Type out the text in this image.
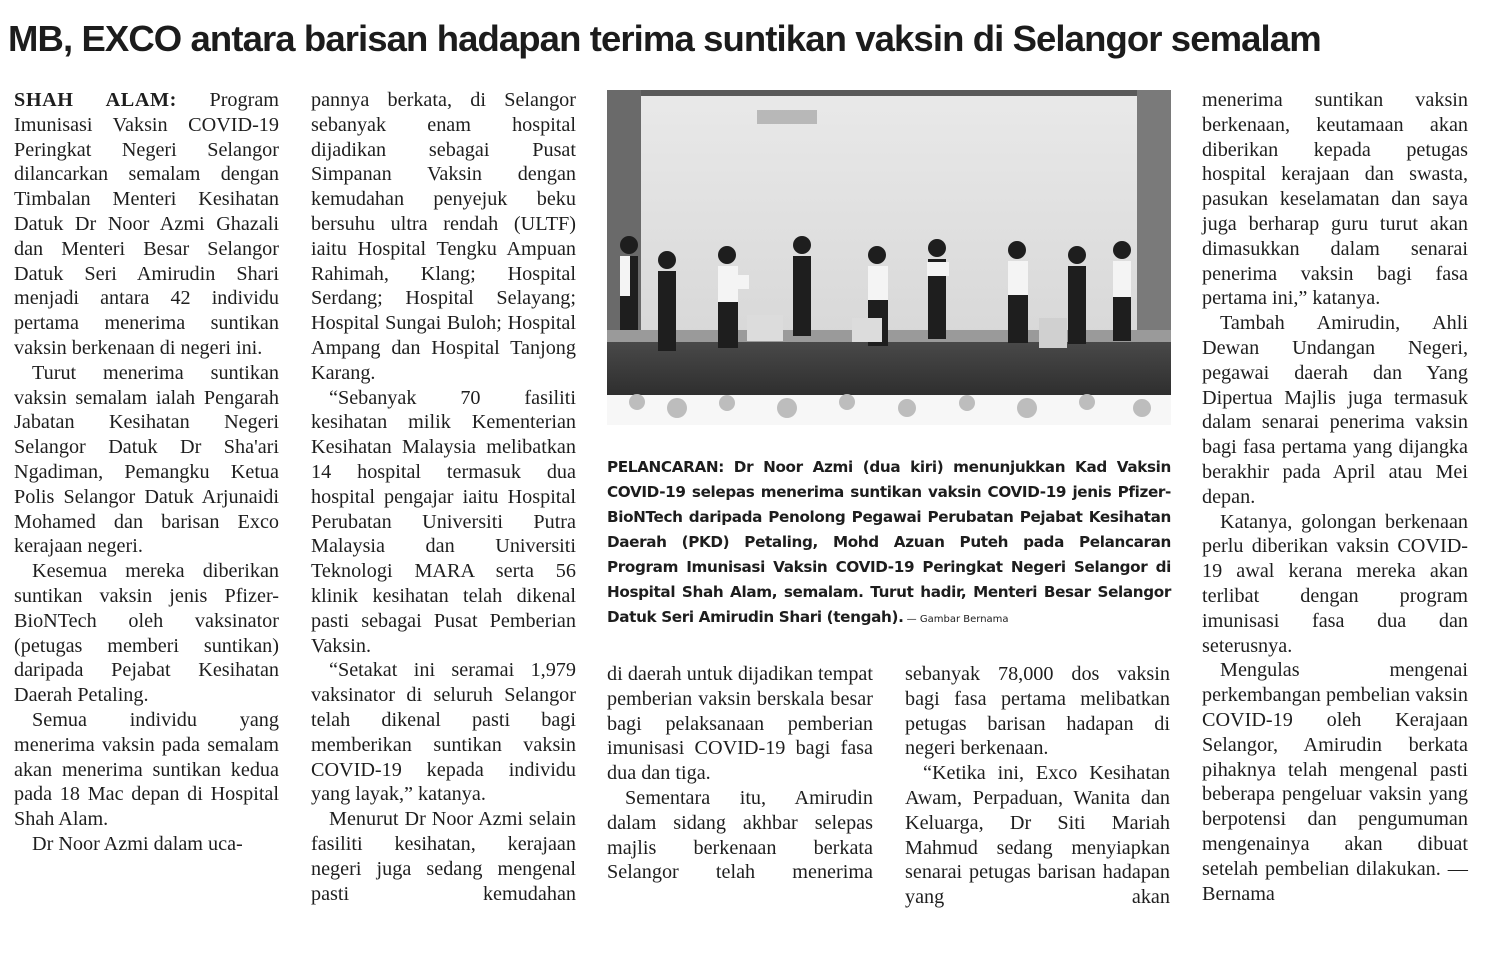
MB, EXCO antara barisan hadapan terima suntikan vaksin di Selangor semalam

SHAH ALAM: Program Imunisasi Vaksin COVID-19 Peringkat Negeri Selangor dilancarkan semalam dengan Timbalan Menteri Kesihatan Datuk Dr Noor Azmi Ghazali dan Menteri Besar Selangor Datuk Seri Amirudin Shari menjadi antara 42 individu pertama menerima suntikan vaksin berkenaan di negeri ini.

Turut menerima suntikan vaksin semalam ialah Pengarah Jabatan Kesihatan Negeri Selangor Datuk Dr Sha'ari Ngadiman, Pemangku Ketua Polis Selangor Datuk Arjunaidi Mohamed dan barisan Exco kerajaan negeri.

Kesemua mereka diberikan suntikan vaksin jenis Pfizer-BioNTech oleh vaksinator (petugas memberi suntikan) daripada Pejabat Kesihatan Daerah Petaling.

Semua individu yang menerima vaksin pada semalam akan menerima suntikan kedua pada 18 Mac depan di Hospital Shah Alam.

Dr Noor Azmi dalam uca-

pannya berkata, di Selangor sebanyak enam hospital dijadikan sebagai Pusat Simpanan Vaksin dengan kemudahan penyejuk beku bersuhu ultra rendah (ULTF) iaitu Hospital Tengku Ampuan Rahimah, Klang; Hospital Serdang; Hospital Selayang; Hospital Sungai Buloh; Hospital Ampang dan Hospital Tanjong Karang.

“Sebanyak 70 fasiliti kesihatan milik Kementerian Kesihatan Malaysia melibatkan 14 hospital termasuk dua hospital pengajar iaitu Hospital Perubatan Universiti Putra Malaysia dan Universiti Teknologi MARA serta 56 klinik kesihatan telah dikenal pasti sebagai Pusat Pemberian Vaksin.

“Setakat ini seramai 1,979 vaksinator di seluruh Selangor telah dikenal pasti bagi memberikan suntikan vaksin COVID-19 kepada individu yang layak,” katanya.

Menurut Dr Noor Azmi selain fasiliti kesihatan, kerajaan negeri juga sedang mengenal pasti kemudahan

PELANCARAN: Dr Noor Azmi (dua kiri) menunjukkan Kad Vaksin COVID-19 selepas menerima suntikan vaksin COVID-19 jenis Pfizer-BioNTech daripada Penolong Pegawai Perubatan Pejabat Kesihatan Daerah (PKD) Petaling, Mohd Azuan Puteh pada Pelancaran Program Imunisasi Vaksin COVID-19 Peringkat Negeri Selangor di Hospital Shah Alam, semalam. Turut hadir, Menteri Besar Selangor Datuk Seri Amirudin Shari (tengah). — Gambar Bernama

di daerah untuk dijadikan tempat pemberian vaksin berskala besar bagi pelaksanaan pemberian imunisasi COVID-19 bagi fasa dua dan tiga.

Sementara itu, Amirudin dalam sidang akhbar selepas majlis berkenaan berkata Selangor telah menerima

sebanyak 78,000 dos vaksin bagi fasa pertama melibatkan petugas barisan hadapan di negeri berkenaan.

“Ketika ini, Exco Kesihatan Awam, Perpaduan, Wanita dan Keluarga, Dr Siti Mariah Mahmud sedang menyiapkan senarai petugas barisan hadapan yang akan

menerima suntikan vaksin berkenaan, keutamaan akan diberikan kepada petugas hospital kerajaan dan swasta, pasukan keselamatan dan saya juga berharap guru turut akan dimasukkan dalam senarai penerima vaksin bagi fasa pertama ini,” katanya.

Tambah Amirudin, Ahli Dewan Undangan Negeri, pegawai daerah dan Yang Dipertua Majlis juga termasuk dalam senarai penerima vaksin bagi fasa pertama yang dijangka berakhir pada April atau Mei depan.

Katanya, golongan berkenaan perlu diberikan vaksin COVID-19 awal kerana mereka akan terlibat dengan program imunisasi fasa dua dan seterusnya.

Mengulas mengenai perkembangan pembelian vaksin COVID-19 oleh Kerajaan Selangor, Amirudin berkata pihaknya telah mengenal pasti beberapa pengeluar vaksin yang berpotensi dan pengumuman mengenainya akan dibuat setelah pembelian dilakukan. — Bernama
